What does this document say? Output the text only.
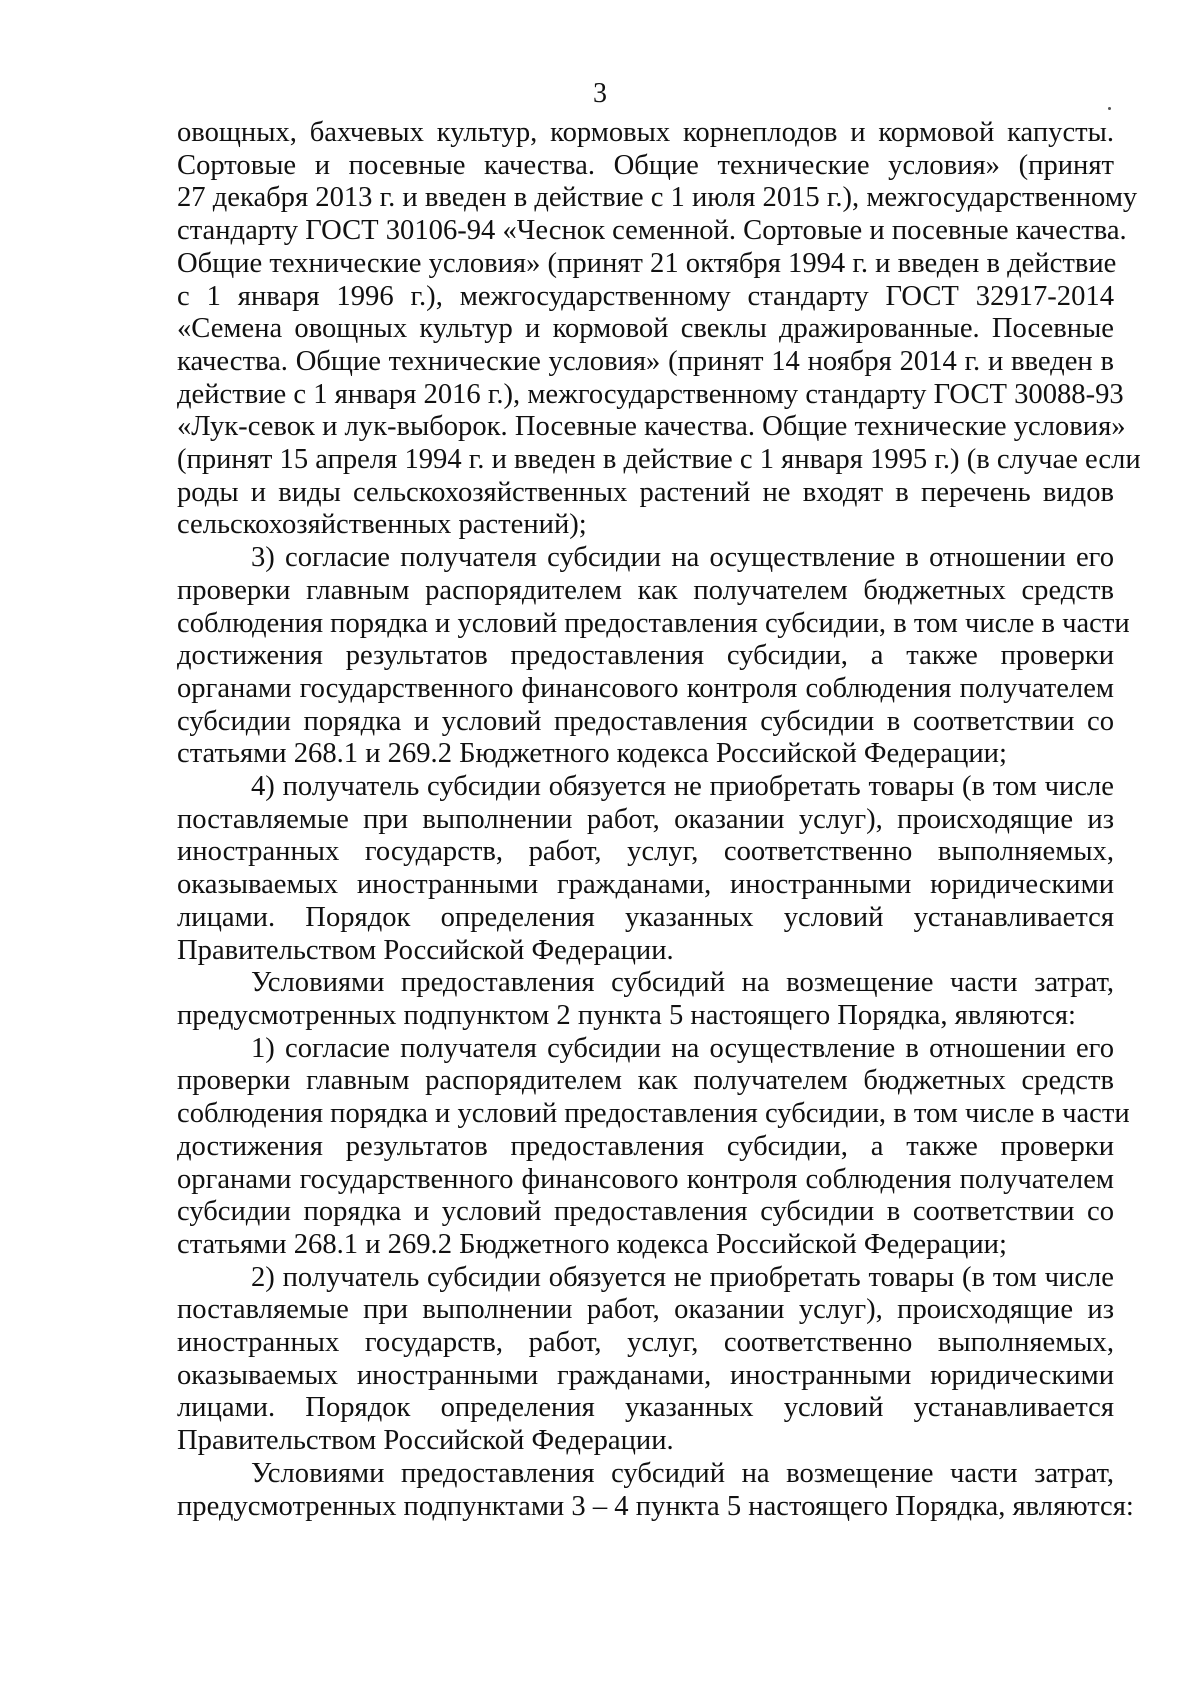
3
овощных, бахчевых культур, кормовых корнеплодов и кормовой капусты.
Сортовые и посевные качества. Общие технические условия» (принят
27 декабря 2013 г. и введен в действие с 1 июля 2015 г.), межгосударственному
стандарту ГОСТ 30106-94 «Чеснок семенной. Сортовые и посевные качества.
Общие технические условия» (принят 21 октября 1994 г. и введен в действие
с 1 января 1996 г.), межгосударственному стандарту ГОСТ 32917-2014
«Семена овощных культур и кормовой свеклы дражированные. Посевные
качества. Общие технические условия» (принят 14 ноября 2014 г. и введен в
действие с 1 января 2016 г.), межгосударственному стандарту ГОСТ 30088-93
«Лук-севок и лук-выборок. Посевные качества. Общие технические условия»
(принят 15 апреля 1994 г. и введен в действие с 1 января 1995 г.) (в случае если
роды и виды сельскохозяйственных растений не входят в перечень видов
сельскохозяйственных растений);
3) согласие получателя субсидии на осуществление в отношении его
проверки главным распорядителем как получателем бюджетных средств
соблюдения порядка и условий предоставления субсидии, в том числе в части
достижения результатов предоставления субсидии, а также проверки
органами государственного финансового контроля соблюдения получателем
субсидии порядка и условий предоставления субсидии в соответствии со
статьями 268.1 и 269.2 Бюджетного кодекса Российской Федерации;
4) получатель субсидии обязуется не приобретать товары (в том числе
поставляемые при выполнении работ, оказании услуг), происходящие из
иностранных государств, работ, услуг, соответственно выполняемых,
оказываемых иностранными гражданами, иностранными юридическими
лицами. Порядок определения указанных условий устанавливается
Правительством Российской Федерации.
Условиями предоставления субсидий на возмещение части затрат,
предусмотренных подпунктом 2 пункта 5 настоящего Порядка, являются:
1) согласие получателя субсидии на осуществление в отношении его
проверки главным распорядителем как получателем бюджетных средств
соблюдения порядка и условий предоставления субсидии, в том числе в части
достижения результатов предоставления субсидии, а также проверки
органами государственного финансового контроля соблюдения получателем
субсидии порядка и условий предоставления субсидии в соответствии со
статьями 268.1 и 269.2 Бюджетного кодекса Российской Федерации;
2) получатель субсидии обязуется не приобретать товары (в том числе
поставляемые при выполнении работ, оказании услуг), происходящие из
иностранных государств, работ, услуг, соответственно выполняемых,
оказываемых иностранными гражданами, иностранными юридическими
лицами. Порядок определения указанных условий устанавливается
Правительством Российской Федерации.
Условиями предоставления субсидий на возмещение части затрат,
предусмотренных подпунктами 3 – 4 пункта 5 настоящего Порядка, являются:
